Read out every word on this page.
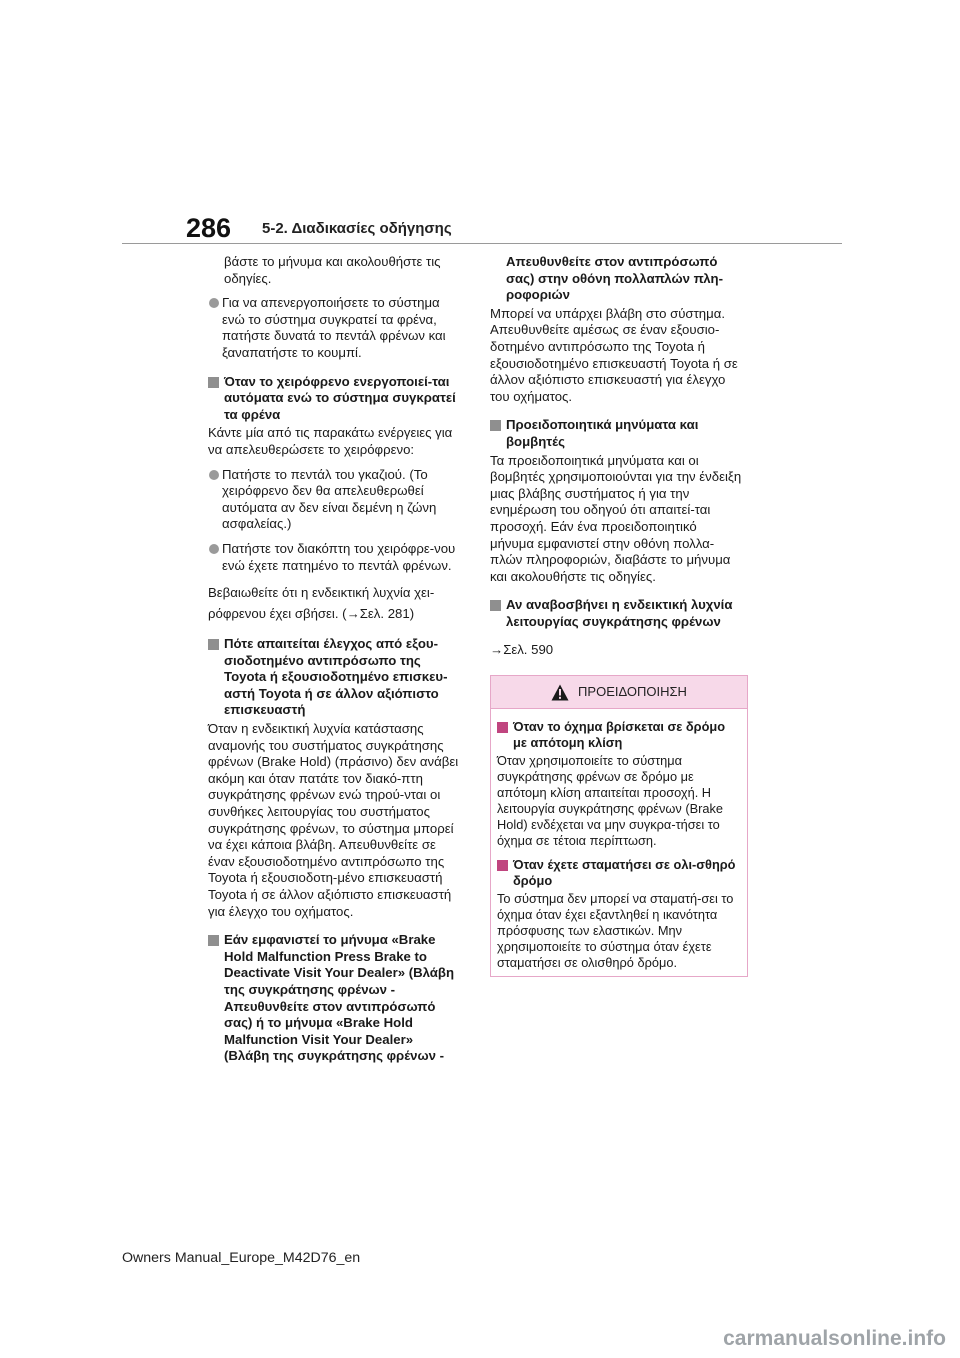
286 5-2. Διαδικασίες οδήγησης

βάστε το μήνυμα και ακολουθήστε τις οδηγίες.

Για να απενεργοποιήσετε το σύστημα ενώ το σύστημα συγκρατεί τα φρένα, πατήστε δυνατά το πεντάλ φρένων και ξαναπατήστε το κουμπί.

Όταν το χειρόφρενο ενεργοποιεί-ται αυτόματα ενώ το σύστημα συγκρατεί τα φρένα

Κάντε μία από τις παρακάτω ενέργειες για να απελευθερώσετε το χειρόφρενο:

Πατήστε το πεντάλ του γκαζιού. (Το χειρόφρενο δεν θα απελευθερωθεί αυτόματα αν δεν είναι δεμένη η ζώνη ασφαλείας.)

Πατήστε τον διακόπτη του χειρόφρε-νου ενώ έχετε πατημένο το πεντάλ φρένων.

Βεβαιωθείτε ότι η ενδεικτική λυχνία χει-
ρόφρενου έχει σβήσει. (→Σελ. 281)

Πότε απαιτείται έλεγχος από εξου-σιοδοτημένο αντιπρόσωπο της Toyota ή εξουσιοδοτημένο επισκευ-αστή Toyota ή σε άλλον αξιόπιστο επισκευαστή

Όταν η ενδεικτική λυχνία κατάστασης αναμονής του συστήματος συγκράτησης φρένων (Brake Hold) (πράσινο) δεν ανάβει ακόμη και όταν πατάτε τον διακό-πτη συγκράτησης φρένων ενώ τηρού-νται οι συνθήκες λειτουργίας του συστήματος συγκράτησης φρένων, το σύστημα μπορεί να έχει κάποια βλάβη. Απευθυνθείτε σε έναν εξουσιοδοτημένο αντιπρόσωπο της Toyota ή εξουσιοδοτη-μένο επισκευαστή Toyota ή σε άλλον αξιόπιστο επισκευαστή για έλεγχο του οχήματος.

Εάν εμφανιστεί το μήνυμα «Brake Hold Malfunction Press Brake to Deactivate Visit Your Dealer» (Βλάβη της συγκράτησης φρένων - Απευθυνθείτε στον αντιπρόσωπό σας) ή το μήνυμα «Brake Hold Malfunction Visit Your Dealer» (Βλάβη της συγκράτησης φρένων -
Απευθυνθείτε στον αντιπρόσωπό σας) στην οθόνη πολλαπλών πλη-ροφοριών

Μπορεί να υπάρχει βλάβη στο σύστημα. Απευθυνθείτε αμέσως σε έναν εξουσιο-δοτημένο αντιπρόσωπο της Toyota ή εξουσιοδοτημένο επισκευαστή Toyota ή σε άλλον αξιόπιστο επισκευαστή για έλεγχο του οχήματος.

Προειδοποιητικά μηνύματα και βομβητές

Τα προειδοποιητικά μηνύματα και οι βομβητές χρησιμοποιούνται για την ένδειξη μιας βλάβης συστήματος ή για την ενημέρωση του οδηγού ότι απαιτεί-ται προσοχή. Εάν ένα προειδοποιητικό μήνυμα εμφανιστεί στην οθόνη πολλα-πλών πληροφοριών, διαβάστε το μήνυμα και ακολουθήστε τις οδηγίες.

Αν αναβοσβήνει η ενδεικτική λυχνία λειτουργίας συγκράτησης φρένων

→Σελ. 590

ΠΡΟΕΙΔΟΠΟΙΗΣΗ
Όταν το όχημα βρίσκεται σε δρόμο με απότομη κλίση

Όταν χρησιμοποιείτε το σύστημα συγκράτησης φρένων σε δρόμο με απότομη κλίση απαιτείται προσοχή. Η λειτουργία συγκράτησης φρένων (Brake Hold) ενδέχεται να μην συγκρα-τήσει το όχημα σε τέτοια περίπτωση.

Όταν έχετε σταματήσει σε ολι-σθηρό δρόμο

Το σύστημα δεν μπορεί να σταματή-σει το όχημα όταν έχει εξαντληθεί η ικανότητα πρόσφυσης των ελαστικών. Μην χρησιμοποιείτε το σύστημα όταν έχετε σταματήσει σε ολισθηρό δρόμο.

Owners Manual_Europe_M42D76_en
carmanualsonline.info
